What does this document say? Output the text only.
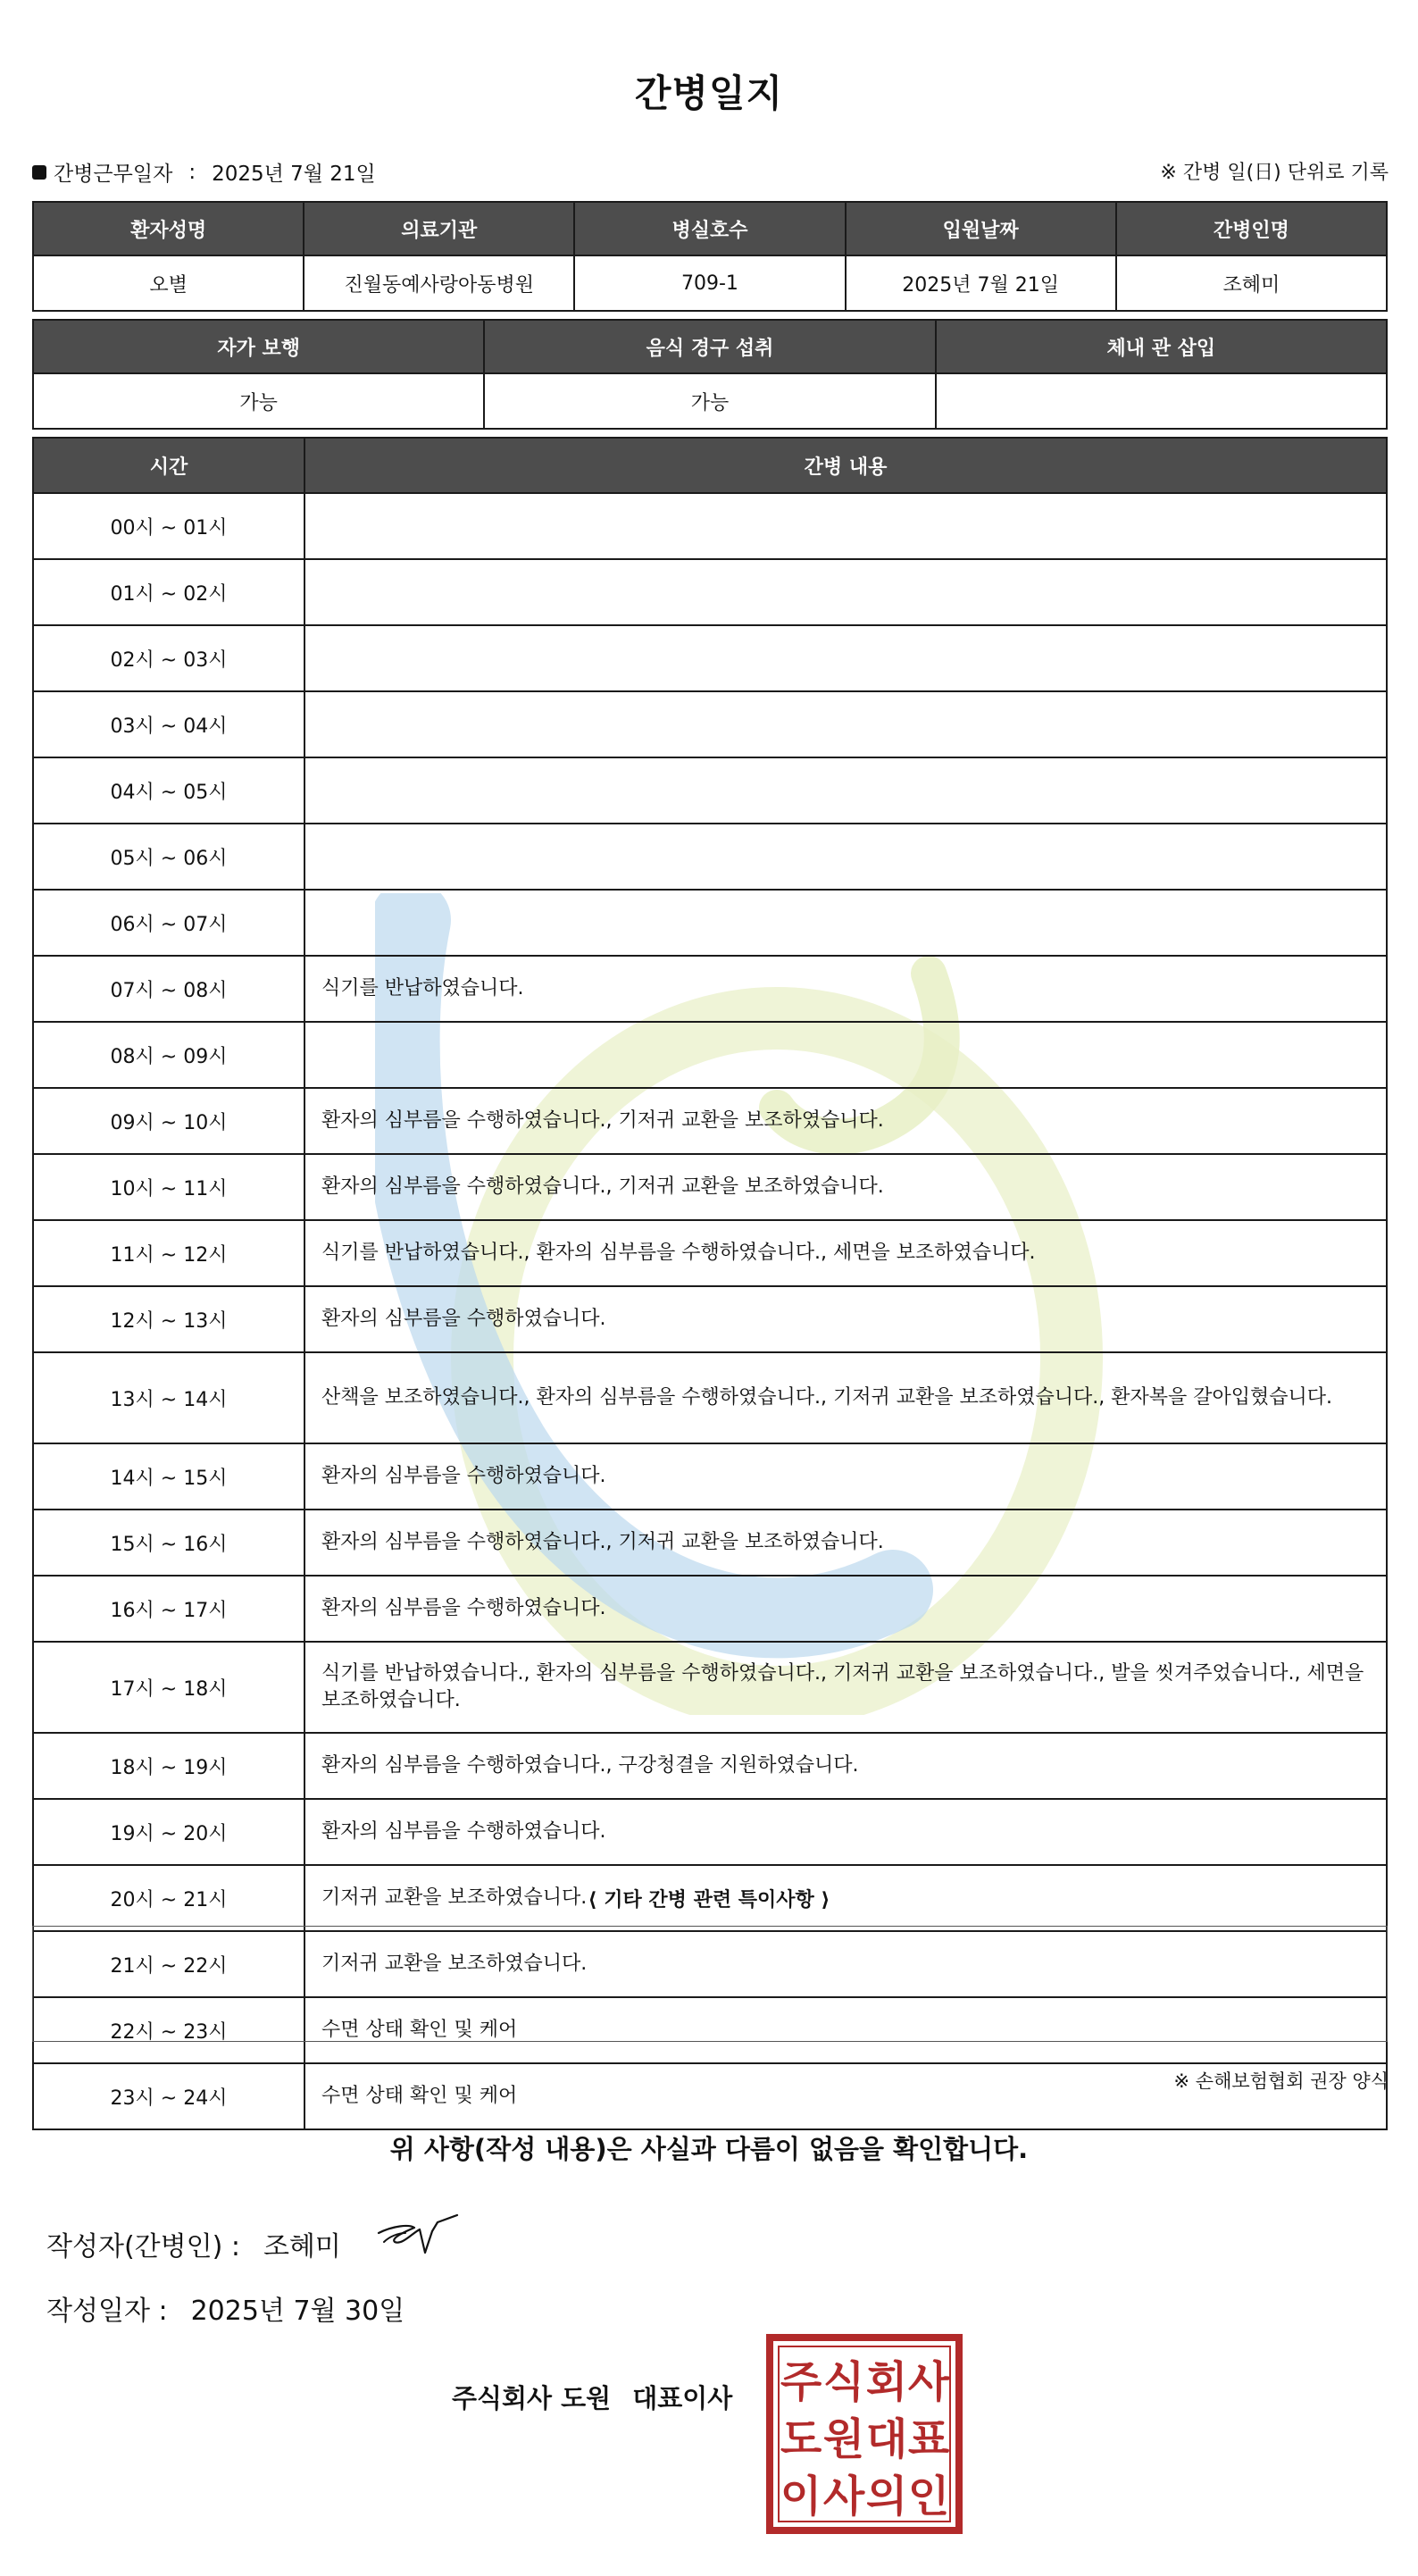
간병일지
간병근무일자 : 2025년 7월 21일	※ 간병 일(日) 단위로 기록
환자성명	의료기관	병실호수	입원날짜	간병인명
오별	진월동예사랑아동병원	709-1	2025년 7월 21일	조혜미
자가 보행	음식 경구 섭취	체내 관 삽입
가능	가능	
시간	간병 내용
00시 ~ 01시	
01시 ~ 02시	
02시 ~ 03시	
03시 ~ 04시	
04시 ~ 05시	
05시 ~ 06시	
06시 ~ 07시	
07시 ~ 08시	식기를 반납하였습니다.
08시 ~ 09시	
09시 ~ 10시	환자의 심부름을 수행하였습니다., 기저귀 교환을 보조하였습니다.
10시 ~ 11시	환자의 심부름을 수행하였습니다., 기저귀 교환을 보조하였습니다.
11시 ~ 12시	식기를 반납하였습니다., 환자의 심부름을 수행하였습니다., 세면을 보조하였습니다.
12시 ~ 13시	환자의 심부름을 수행하였습니다.
13시 ~ 14시	산책을 보조하였습니다., 환자의 심부름을 수행하였습니다., 기저귀 교환을 보조하였습니다., 환자복을 갈아입혔습니다.
14시 ~ 15시	환자의 심부름을 수행하였습니다.
15시 ~ 16시	환자의 심부름을 수행하였습니다., 기저귀 교환을 보조하였습니다.
16시 ~ 17시	환자의 심부름을 수행하였습니다.
17시 ~ 18시	식기를 반납하였습니다., 환자의 심부름을 수행하였습니다., 기저귀 교환을 보조하였습니다., 발을 씻겨주었습니다., 세면을 보조하였습니다.
18시 ~ 19시	환자의 심부름을 수행하였습니다., 구강청결을 지원하였습니다.
19시 ~ 20시	환자의 심부름을 수행하였습니다.
20시 ~ 21시	기저귀 교환을 보조하였습니다.
21시 ~ 22시	기저귀 교환을 보조하였습니다.
22시 ~ 23시	수면 상태 확인 및 케어
23시 ~ 24시	수면 상태 확인 및 케어
⟨ 기타 간병 관련 특이사항 ⟩
※ 손해보험협회 권장 양식
위 사항(작성 내용)은 사실과 다름이 없음을 확인합니다.
작성자(간병인) : 조혜미
작성일자 : 2025년 7월 30일
주식회사 도원 대표이사 주 식 회 사
도 원 대 표
이 사 의 인
